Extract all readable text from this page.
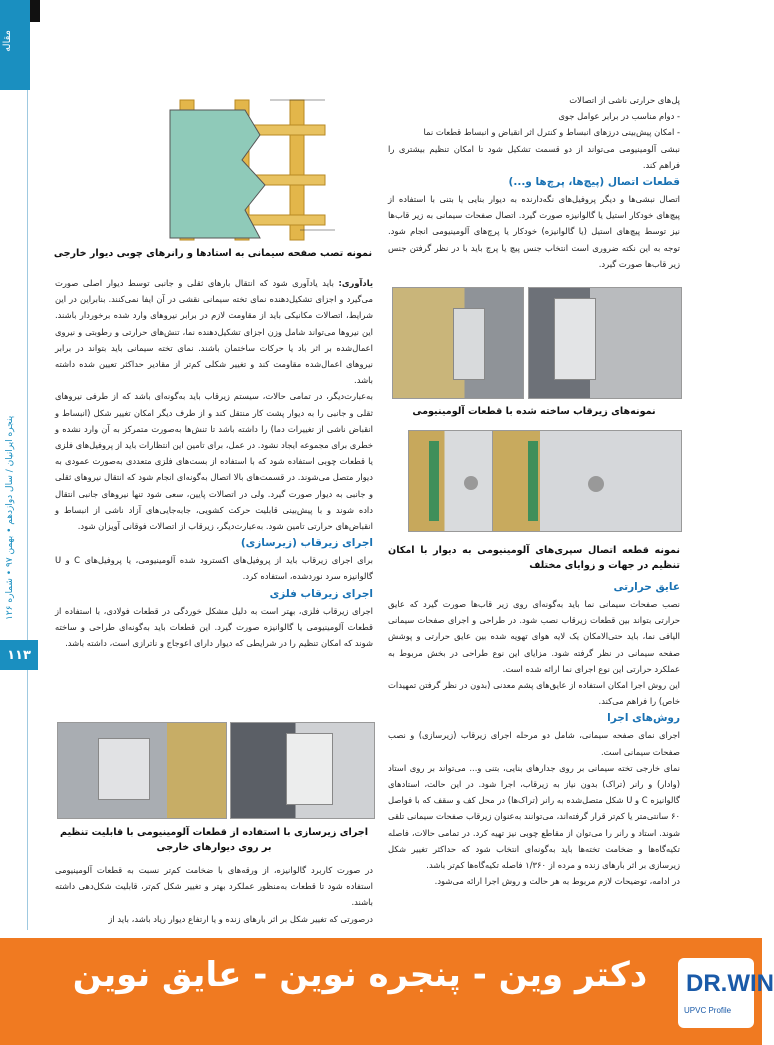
مقاله
پنجره ایرانیان / سال دوازدهم • بهمن ۹۷ • شماره ۱۲۶
۱۱۳
نمونه تصب صفحه سیمانی به استادها و رانرهای چوبی دیوار خارجی

پل‌های حرارتی ناشی از اتصالات
- دوام مناسب در برابر عوامل جوی
- امکان پیش‌بینی درزهای انبساط و کنترل اثر انقباض و انبساط قطعات نما
نبشی آلومینیومی می‌تواند از دو قسمت تشکیل شود تا امکان تنظیم بیشتری را فراهم کند.

قطعات اتصال (پیچ‌ها، پرچ‌ها و...)

اتصال نبشی‌ها و دیگر پروفیل‌های نگه‌دارنده به دیوار بنایی یا بتنی با استفاده از پیچ‌های خودکار استیل یا گالوانیزه صورت گیرد. اتصال صفحات سیمانی به زیر قاب‌ها نیز توسط پیچ‌های استیل (یا گالوانیزه) خودکار یا پرچ‌های آلومینیومی انجام شود. توجه به این نکته ضروری است انتخاب جنس پیچ یا پرچ باید با در نظر گرفتن جنس زیر قاب‌ها صورت گیرد.

نمونه‌های زیرقاب ساخته شده با قطعات آلومینیومی
نمونه قطعه اتصال سپری‌های آلومینیومی به دیوار با امکان تنظیم در جهات و زوایای مختلف
عایق حرارتی

نصب صفحات سیمانی نما باید به‌گونه‌ای روی زیر قاب‌ها صورت گیرد که عایق حرارتی بتواند بین قطعات زیرقاب نصب شود. در طراحی و اجرای صفحات سیمانی الیافی نما، باید حتی‌الامکان یک لایه هوای تهویه شده بین عایق حرارتی و پوشش صفحه سیمانی در نظر گرفته شود. مزایای این نوع طراحی در بخش مربوط به عملکرد حرارتی این نوع اجرای نما ارائه شده است.

این روش اجرا امکان استفاده از عایق‌های پشم معدنی (بدون در نظر گرفتن تمهیدات خاص) را فراهم می‌کند.

روش‌های اجرا

اجرای نمای صفحه سیمانی، شامل دو مرحله اجرای زیرقاب (زیرسازی) و نصب صفحات سیمانی است.

نمای خارجی تخته سیمانی بر روی جدارهای بنایی، بتنی و... می‌تواند بر روی استاد (وادار) و رانر (تراک) بدون نیاز به زیرقاب، اجرا شود. در این حالت، استادهای گالوانیزه C و U شکل متصل‌شده به رانر (تراک‌ها) در محل کف و سقف که با فواصل ۶۰ سانتی‌متر یا کم‌تر قرار گرفته‌اند، می‌توانند به‌عنوان زیرقاب صفحات سیمانی تلقی شوند. استاد و رانر را می‌توان از مقاطع چوبی نیز تهیه کرد. در تمامی حالات، فاصله تکیه‌گاه‌ها و ضخامت تخته‌ها باید به‌گونه‌ای انتخاب شود که حداکثر تغییر شکل زیرسازی بر اثر بارهای زنده و مرده از ۱/۳۶۰ فاصله تکیه‌گاه‌ها کم‌تر باشد.

در ادامه، توضیحات لازم مربوط به هر حالت و روش اجرا ارائه می‌شود.

یادآوری: باید یادآوری شود که انتقال بارهای ثقلی و جانبی توسط دیوار اصلی صورت می‌گیرد و اجزای تشکیل‌دهنده نمای تخته سیمانی نقشی در آن ایفا نمی‌کنند. بنابراین در این شرایط، اتصالات مکانیکی باید از مقاومت لازم در برابر نیروهای وارد شده برخوردار باشند. این نیروها می‌تواند شامل وزن اجزای تشکیل‌دهنده نما، تنش‌های حرارتی و رطوبتی و نیروی اعمال‌شده بر اثر باد یا حرکات ساختمان باشند. نمای تخته سیمانی باید بتواند در برابر نیروهای اعمال‌شده مقاومت کند و تغییر شکلی کم‌تر از مقادیر حداکثر تعیین شده داشته باشد.

به‌عبارت‌دیگر، در تمامی حالات، سیستم زیرقاب باید به‌گونه‌ای باشد که از طرفی نیروهای ثقلی و جانبی را به دیوار پشت کار منتقل کند و از طرف دیگر امکان تغییر شکل (انبساط و انقباض ناشی از تغییرات دما) را داشته باشد تا تنش‌ها به‌صورت متمرکز به آن وارد نشده و خطری برای مجموعه ایجاد نشود. در عمل، برای تامین این انتظارات باید از پروفیل‌های فلزی یا قطعات چوبی استفاده شود که با استفاده از بست‌های فلزی متعددی به‌صورت عمودی به دیوار متصل می‌شوند. در قسمت‌های بالا اتصال به‌گونه‌ای انجام شود که انتقال نیروهای ثقلی و جانبی به دیوار صورت گیرد. ولی در اتصالات پایین، سعی شود تنها نیروهای جانبی انتقال داده شوند و با پیش‌بینی قابلیت حرکت کشویی، جابه‌جایی‌های آزاد ناشی از انبساط و انقباض‌های حرارتی تامین شود. به‌عبارت‌دیگر، زیرقاب از اتصالات فوقانی آویزان شود.

اجرای زیرقاب (زیرسازی)

برای اجرای زیرقاب باید از پروفیل‌های اکسترود شده آلومینیومی، یا پروفیل‌های C و U گالوانیزه سرد نوردشده، استفاده کرد.

اجرای زیرقاب فلزی

اجرای زیرقاب فلزی، بهتر است به دلیل مشکل خوردگی در قطعات فولادی، با استفاده از قطعات آلومینیومی یا گالوانیزه صورت گیرد. این قطعات باید به‌گونه‌ای طراحی و ساخته شوند که امکان تنظیم را در شرایطی که دیوار دارای اعوجاج و ناترازی است، داشته باشد.

اجرای زیرسازی با استفاده از قطعات آلومینیومی با قابلیت تنظیم بر روی دیوارهای خارجی

در صورت کاربرد گالوانیزه، از ورقه‌های با ضخامت کم‌تر نسبت به قطعات آلومینیومی استفاده شود تا قطعات به‌منظور عملکرد بهتر و تغییر شکل کم‌تر، قابلیت شکل‌دهی داشته باشند.

درصورتی که تغییر شکل بر اثر بارهای زنده و یا ارتفاع دیوار زیاد باشد، باید از

دکتر وین - پنجره نوین - عایق نوین	DR.WIN
UPVC Profile
